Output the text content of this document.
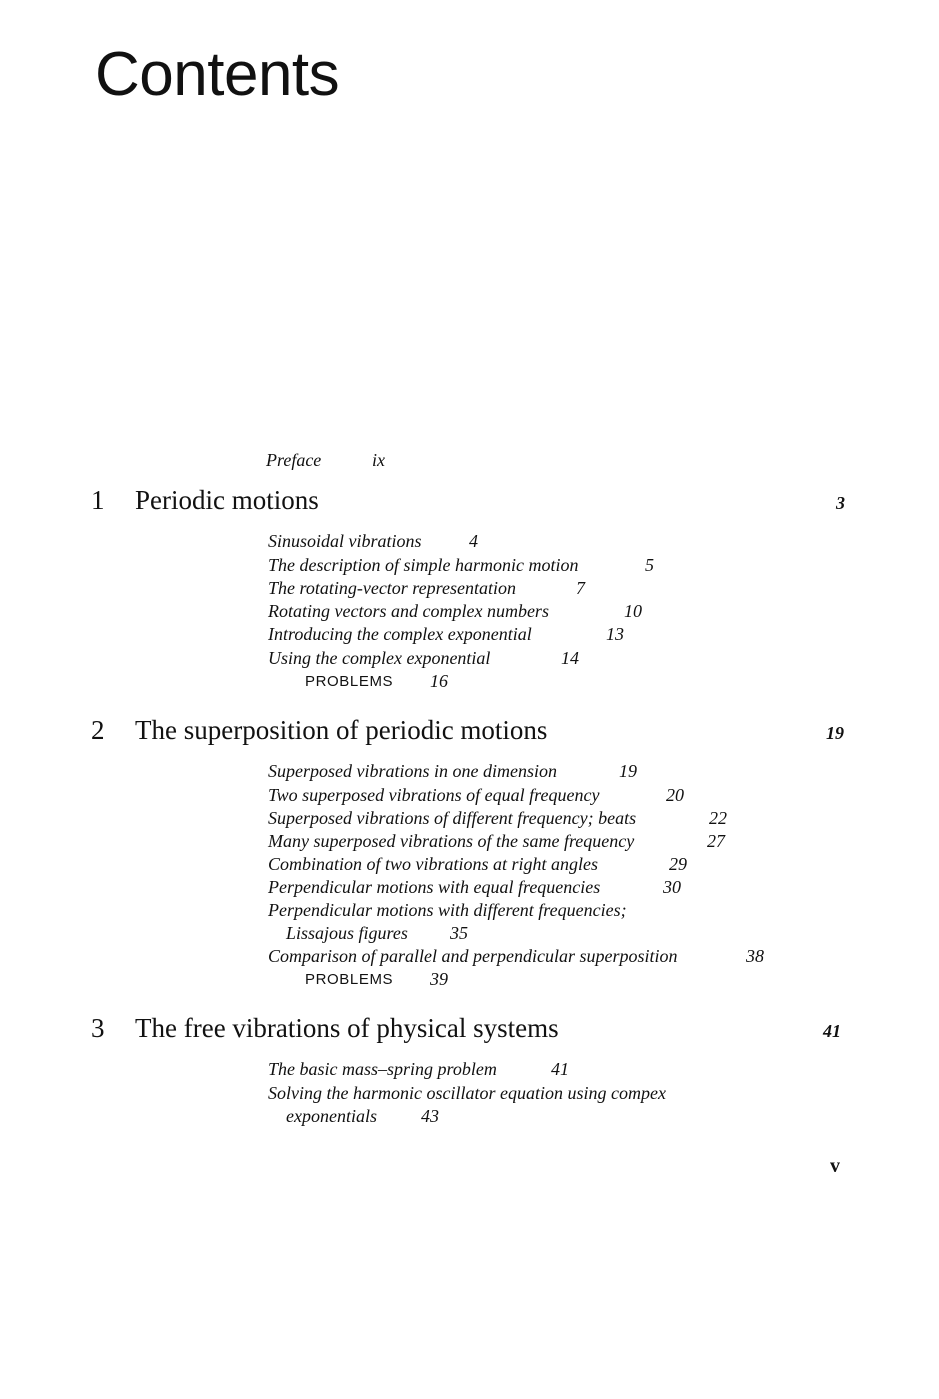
Contents
Preface	ix
1 Periodic motions	3
Sinusoidal vibrations	4
The description of simple harmonic motion	5
The rotating-vector representation	7
Rotating vectors and complex numbers	10
Introducing the complex exponential	13
Using the complex exponential	14
PROBLEMS 16
2 The superposition of periodic motions	19
Superposed vibrations in one dimension	19
Two superposed vibrations of equal frequency	20
Superposed vibrations of different frequency; beats	22
Many superposed vibrations of the same frequency	27
Combination of two vibrations at right angles	29
Perpendicular motions with equal frequencies	30
Perpendicular motions with different frequencies;
Lissajous figures 35
Comparison of parallel and perpendicular superposition	38
PROBLEMS 39
3 The free vibrations of physical systems	41
The basic mass–spring problem	41
Solving the harmonic oscillator equation using compex
exponentials 43
v
